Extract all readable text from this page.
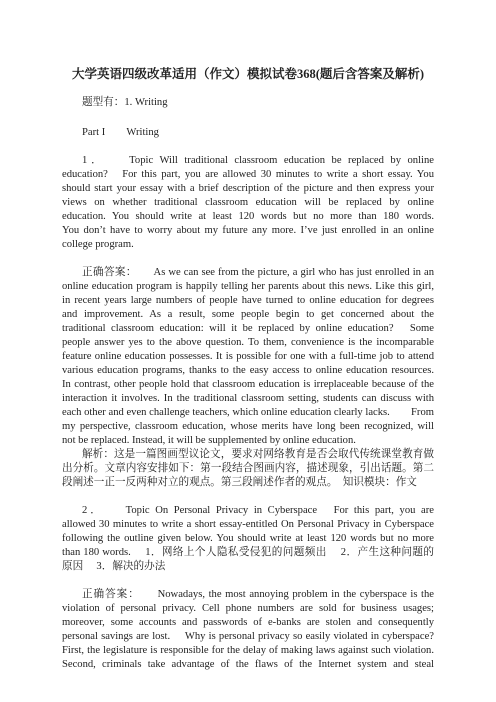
大学英语四级改革适用（作文）模拟试卷368(题后含答案及解析)
题型有：1. Writing
Part I　　Writing
1．　　Topic Will traditional classroom education be replaced by online
education?　For this part, you are allowed 30 minutes to write a short essay. You
should start your essay with a brief description of the picture and then express your
views on whether traditional classroom education will be replaced by online
education. You should write at least 120 words but no more than 180 words.
You don’t have to worry about my future any more. I’ve just enrolled in an online
college program.
正确答案：　　As we can see from the picture, a girl who has just enrolled in an
online education program is happily telling her parents about this news. Like this girl,
in recent years large numbers of people have turned to online education for degrees
and improvement. As a result, some people begin to get concerned about the
traditional classroom education: will it be replaced by online education?　Some
people answer yes to the above question. To them, convenience is the incomparable
feature online education possesses. It is possible for one with a full-time job to attend
various education programs, thanks to the easy access to online education resources.
In contrast, other people hold that classroom education is irreplaceable because of the
interaction it involves. In the traditional classroom setting, students can discuss with
each other and even challenge teachers, which online education clearly lacks.　　From
my perspective, classroom education, whose merits have long been recognized, will
not be replaced. Instead, it will be supplemented by online education.
解析：这是一篇图画型议论文，要求对网络教育是否会取代传统课堂教育做
出分析。文章内容安排如下：第一段结合图画内容，描述现象，引出话题。第二
段阐述一正一反两种对立的观点。第三段阐述作者的观点。　知识模块：作文
2．　　Topic On Personal Privacy in Cyberspace　For this part, you are
allowed 30 minutes to write a short essay-entitled On Personal Privacy in Cyberspace
following the outline given below. You should write at least 120 words but no more
than 180 words.　 1．网络上个人隐私受侵犯的问题频出　 2．产生这种问题的
原因　 3．解决的办法
正确答案：　　Nowadays, the most annoying problem in the cyberspace is the
violation of personal privacy. Cell phone numbers are sold for business usages;
moreover, some accounts and passwords of e-banks are stolen and consequently
personal savings are lost.　 Why is personal privacy so easily violated in cyberspace?
First, the legislature is responsible for the delay of making laws against such violation.
Second, criminals take advantage of the flaws of the Internet system and steal
